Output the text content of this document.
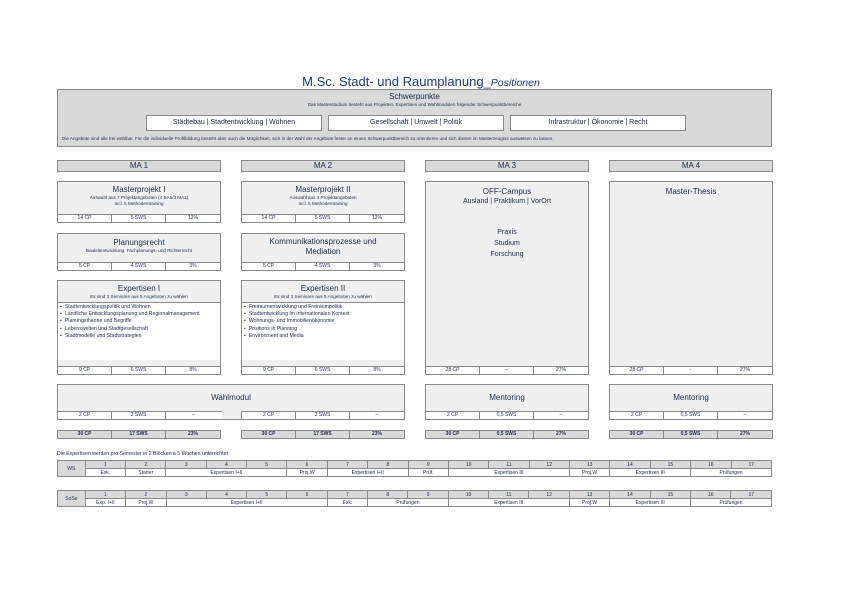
M.Sc. Stadt- und Raumplanung_Positionen
Schwerpunkte
Das Masterstudium besteht aus Projekten, Expertisen und Wahlmodulen folgender Schwerpunktbereiche
Städtebau | Stadtentwicklung | Wohnen	Gesellschaft | Umwelt | Politik	Infrastruktur | Ökonomie | Recht
Die Angebote sind alle frei wählbar. Für die individuelle Profilbildung besteht aber auch die Möglichkeit, sich in der Wahl der Angebote fester an einem Schwerpunktbereich zu orientieren und sich diesen im Masterzeugnis ausweisen zu lassen.
MA 1	MA 2	MA 3	MA 4
Masterprojekt I
Auswahl aus 7 Projektangeboten (4 BA5/3 MA1)
Incl. 5 Methodentraining
14 CP	5 SWS	12%
Planungsrecht
Bauleitentwicklung, Fachplanungs- und Richterrecht
5 CP	4 SWS	3%
Expertisen I
Es sind 3 Seminare aus 5 Angeboten zu wählen
▪ Stadtentwicklungspolitik und Wohnen
▪ Ländliche Entwicklungsplanung und Regionalmanagement
▪ Planungstheorie und Begriffe
▪ Lebenswelten und Stadtgesellschaft
▪ Stadtmodelle und Stadtstrategien
9 CP	6 SWS	8%
Masterprojekt II
Auswahl aus 3 Projektangeboten
Incl. 5 Methodentraining
14 CP	5 SWS	12%
Kommunikationsprozesse und Mediation
5 CP	4 SWS	3%
Expertisen II
Es sind 3 Seminare aus 5 Angeboten zu wählen
▪ Freiraumentwicklung und Freiraumpolitik
▪ Stadtentwicklung im internationalen Kontext
▪ Wohnungs- und Immobilienökonomie
▪ Positions in Planning
▪ Environment and Media
9 CP	6 SWS	8%
OFF-Campus
Ausland | Praktikum | VorOrt
Praxis
Studium
Forschung
28 CP	--	27%
Master-Thesis
28 CP	-	27%
Wahlmodul
2 CP	2 SWS	--	2 CP	2 SWS	--
Mentoring
2 CP	0,5 SWS	--
Mentoring
2 CP	0,5 SWS	--
30 CP	17 SWS	23%	30 CP	17 SWS	23%	30 CP	0,5 SWS	27%	30 CP	0,5 SWS	27%
Die Expertisen werden pro Semester in 2 Blöcken à 5 Wochen unterrichtet
WS	1	2	3	4	5	6	7	8	9	10	11	12	13	14	15	16	17
	Exk.	Starter	Expertisen I+II			Proj.W	Expertisen I+II		Prüf.	Expertisen III			Proj.W	Expertisen III		Prüfungen	
SoSe	1	2	3	4	5	6	7	8	9	10	11	12	13	14	15	16	17
	Exp. I+II	Proj.W	Expertisen I+II				Exk.	Prüfungen		Expertisen III			Proj.W	Expertisen III		Prüfungen	
